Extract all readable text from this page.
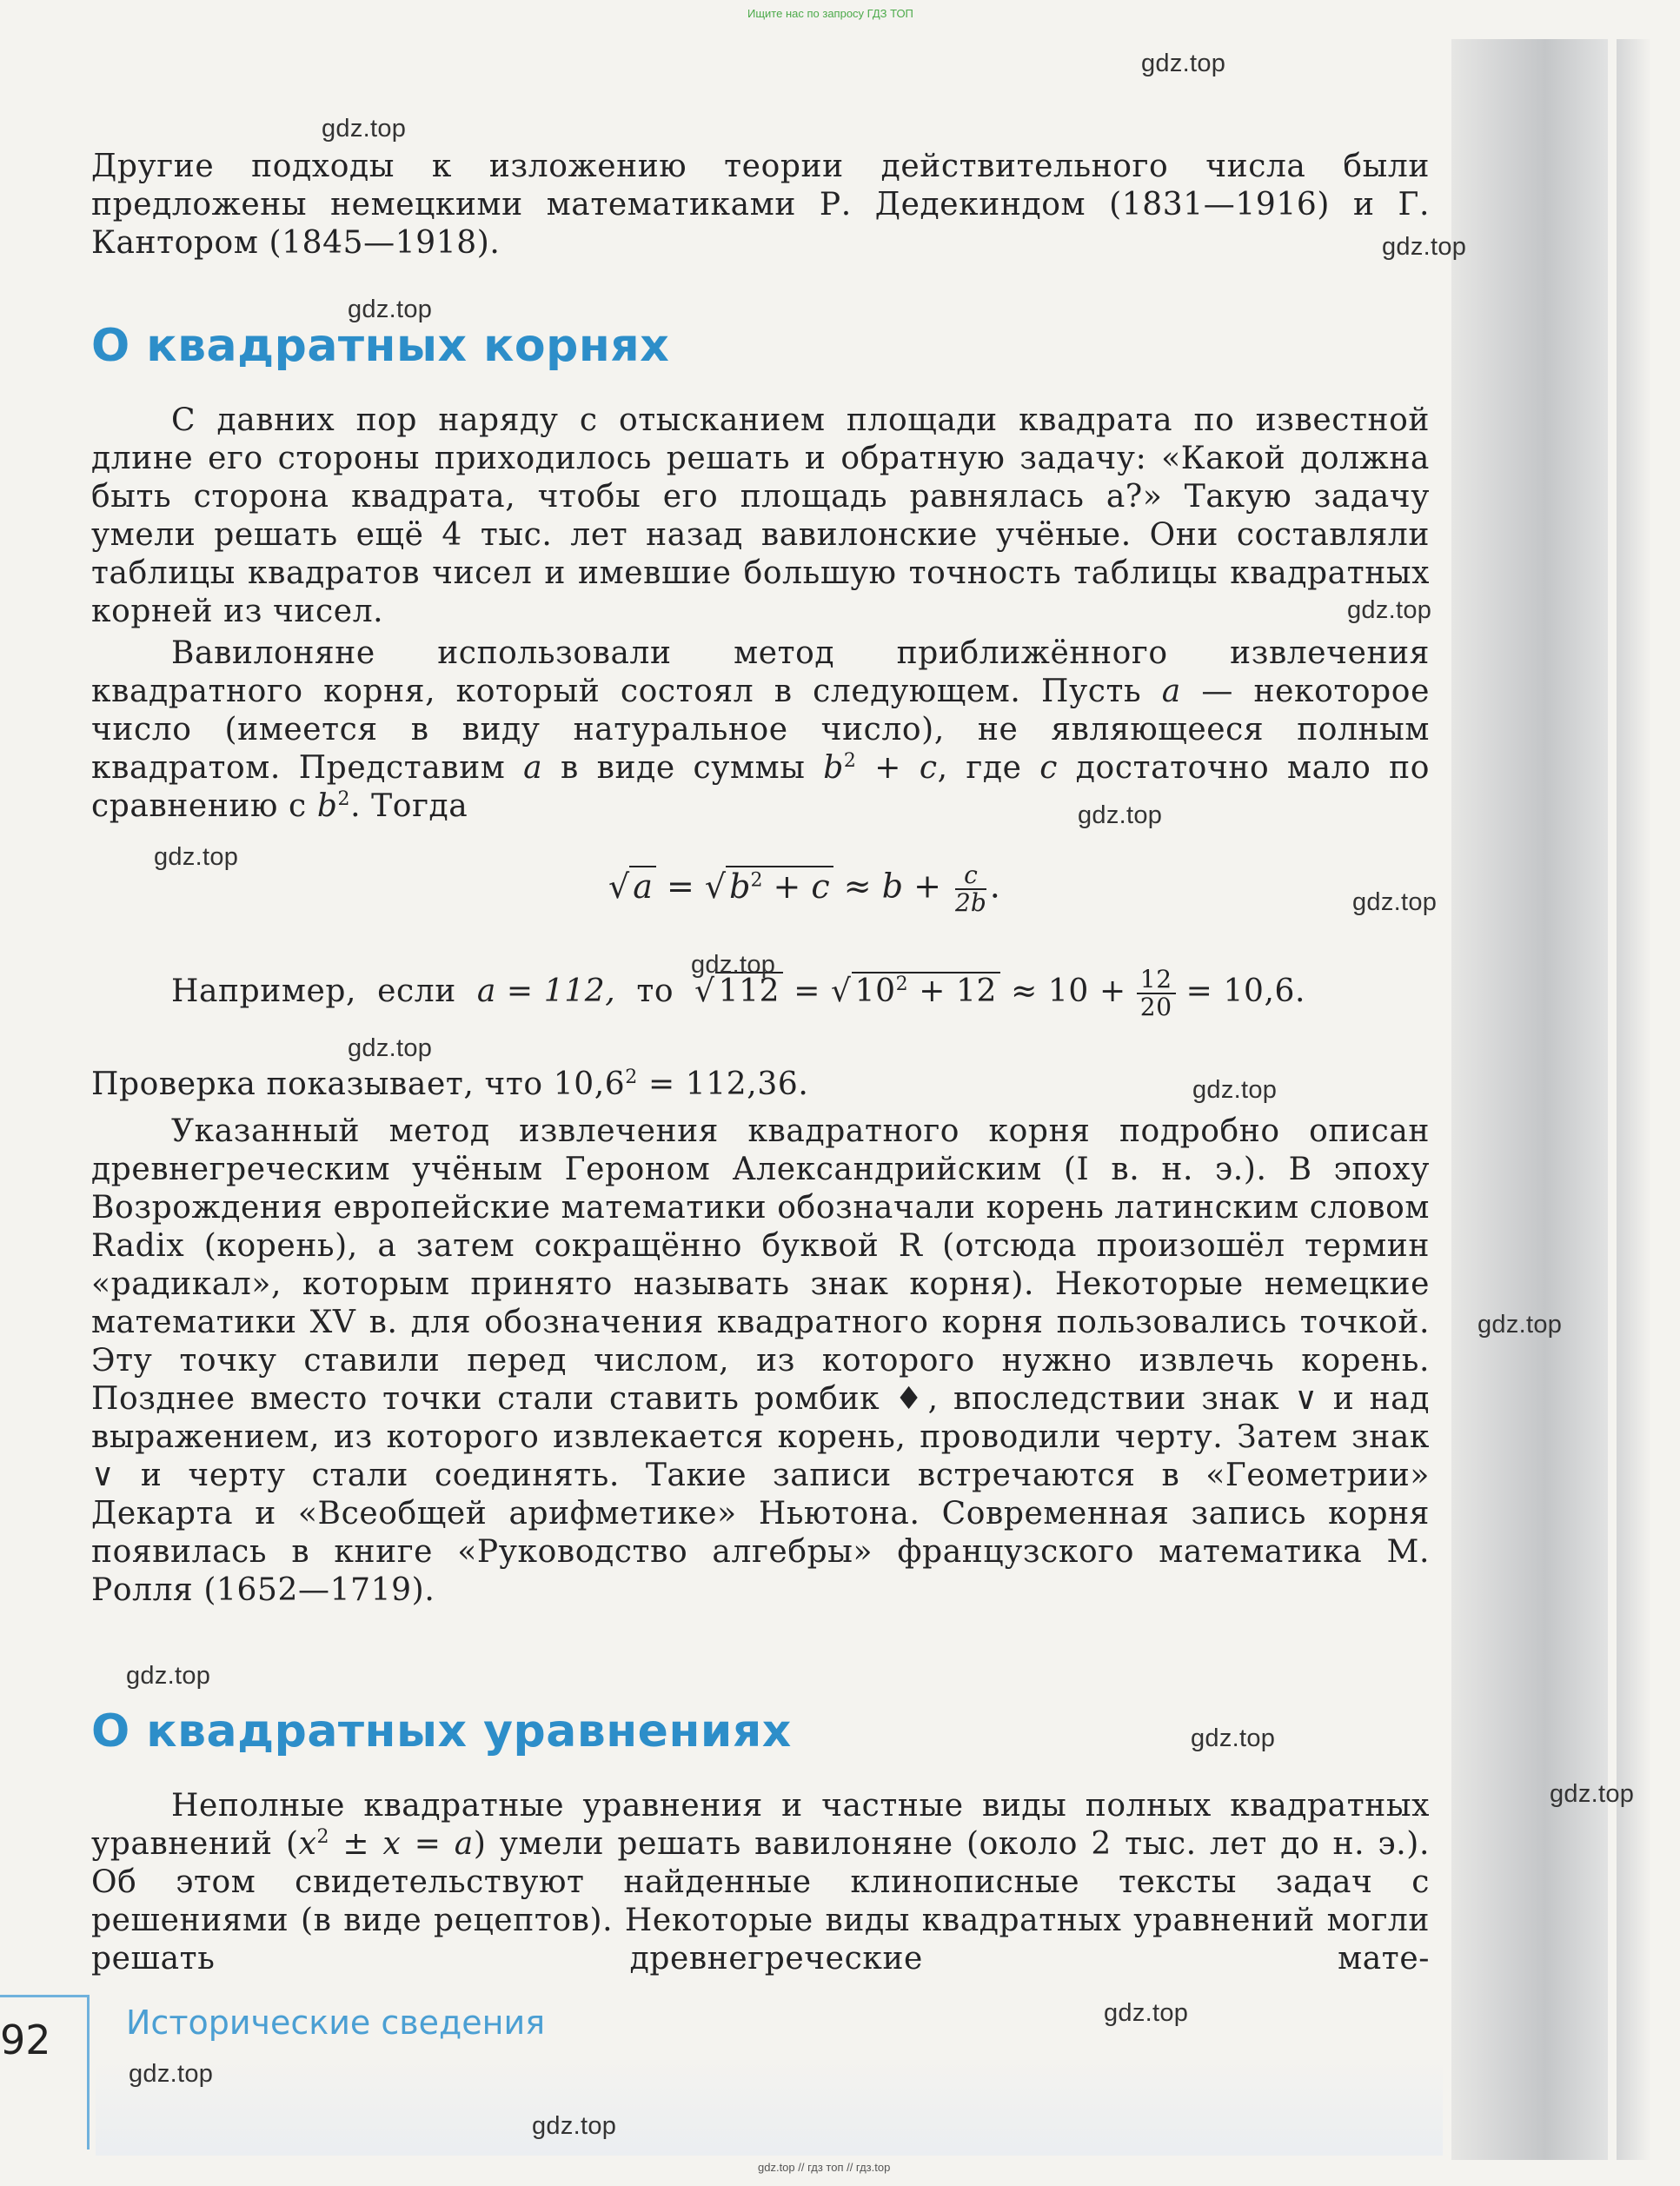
Ищите нас по запросу ГДЗ ТОП

Другие подходы к изложению теории действительного числа были предложены немецкими математиками Р. Дедекиндом (1831—1916) и Г. Кантором (1845—1918).

О квадратных корнях

С давних пор наряду с отысканием площади квадрата по известной длине его стороны приходилось решать и обратную задачу: «Какой должна быть сторона квадрата, чтобы его площадь равнялась a?» Такую задачу умели решать ещё 4 тыс. лет назад вавилонские учёные. Они составляли таблицы квадратов чисел и имевшие большую точность таблицы квадратных корней из чисел.

Вавилоняне использовали метод приближённого извлечения квадратного корня, который состоял в следующем. Пусть a — некоторое число (имеется в виду натуральное число), не являющееся полным квадратом. Представим a в виде суммы $b^2 + c$, где c достаточно мало по сравнению с $b^2$. Тогда

√ a = √ $b^2 + c \approx b + \frac{c}{2b}$ .
Например, если a = 112, то √ 112 = √ $10^2 + 12 \approx 10 + \frac{12}{20} = 10,6$.

Проверка показывает, что $10,6^2 = 112,36$.

Указанный метод извлечения квадратного корня подробно описан древнегреческим учёным Героном Александрийским (I в. н. э.). В эпоху Возрождения европейские математики обозначали корень латинским словом Radix (корень), а затем сокращённо буквой R (отсюда произошёл термин «радикал», которым принято называть знак корня). Некоторые немецкие математики XV в. для обозначения квадратного корня пользовались точкой. Эту точку ставили перед числом, из которого нужно извлечь корень. Позднее вместо точки стали ставить ромбик ♦, впоследствии знак ∨ и над выражением, из которого извлекается корень, проводили черту. Затем знак ∨ и черту стали соединять. Такие записи встречаются в «Геометрии» Декарта и «Всеобщей арифметике» Ньютона. Современная запись корня появилась в книге «Руководство алгебры» французского математика М. Ролля (1652—1719).

О квадратных уравнениях

Неполные квадратные уравнения и частные виды полных квадратных уравнений $(x^2 \pm x = a)$ умели решать вавилоняне (около 2 тыс. лет до н. э.). Об этом свидетельствуют найденные клинописные тексты задач с решениями (в виде рецептов). Некоторые виды квадратных уравнений могли решать древнегреческие мате-

92 Исторические сведения
gdz.top
gdz.top
gdz.top
gdz.top
gdz.top
gdz.top
gdz.top
gdz.top
gdz.top
gdz.top
gdz.top
gdz.top
gdz.top
gdz.top
gdz.top
gdz.top
gdz.top
gdz.top
gdz.top // гдз топ // гдз.top
